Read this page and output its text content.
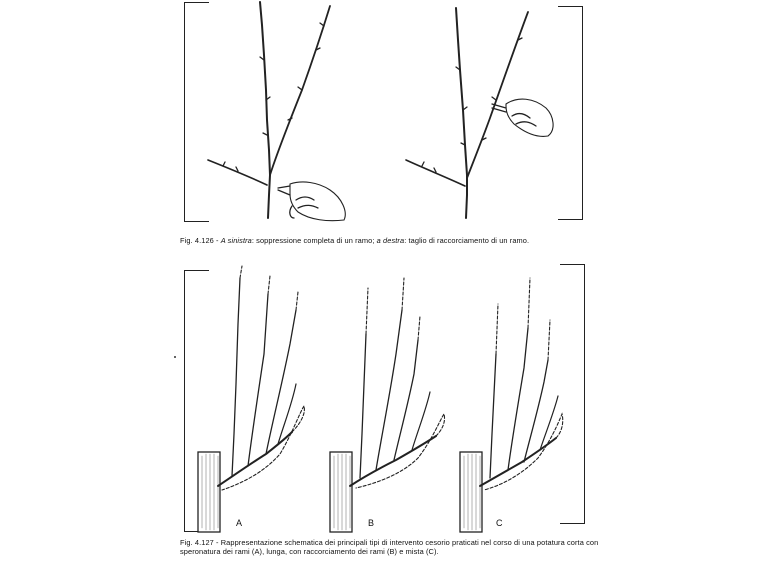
Fig. 4.126 - A sinistra: soppressione completa di un ramo; a destra: taglio di raccorciamento di un ramo.

A	B	C

Fig. 4.127 - Rappresentazione schematica dei principali tipi di intervento cesorio praticati nel corso di una potatura corta con speronatura dei rami (A), lunga, con raccorciamento dei rami (B) e mista (C).
